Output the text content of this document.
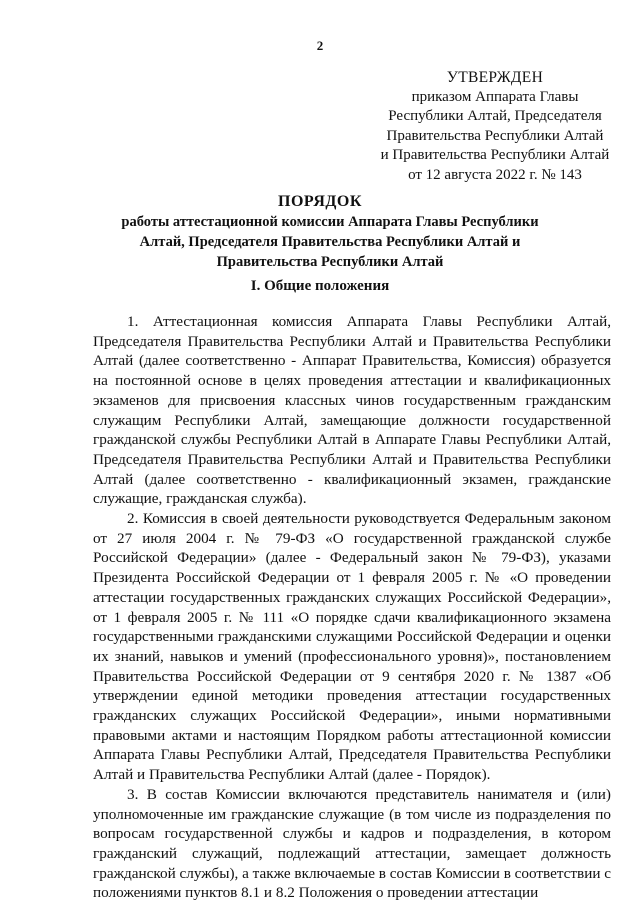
2
УТВЕРЖДЕН
приказом Аппарата Главы
Республики Алтай, Председателя
Правительства Республики Алтай
и Правительства Республики Алтай
от 12 августа 2022 г. № 143
ПОРЯДОК
работы аттестационной комиссии Аппарата Главы Республики Алтай, Председателя Правительства Республики Алтай и Правительства Республики Алтай
I. Общие положения

1. Аттестационная комиссия Аппарата Главы Республики Алтай, Председателя Правительства Республики Алтай и Правительства Республики Алтай (далее соответственно - Аппарат Правительства, Комиссия) образуется на постоянной основе в целях проведения аттестации и квалификационных экзаменов для присвоения классных чинов государственным гражданским служащим Республики Алтай, замещающие должности государственной гражданской службы Республики Алтай в Аппарате Главы Республики Алтай, Председателя Правительства Республики Алтай и Правительства Республики Алтай (далее соответственно - квалификационный экзамен, гражданские служащие, гражданская служба).

2. Комиссия в своей деятельности руководствуется Федеральным законом от 27 июля 2004 г. № 79-ФЗ «О государственной гражданской службе Российской Федерации» (далее - Федеральный закон № 79-ФЗ), указами Президента Российской Федерации от 1 февраля 2005 г. № «О проведении аттестации государственных гражданских служащих Российской Федерации», от 1 февраля 2005 г. № 111 «О порядке сдачи квалификационного экзамена государственными гражданскими служащими Российской Федерации и оценки их знаний, навыков и умений (профессионального уровня)», постановлением Правительства Российской Федерации от 9 сентября 2020 г. № 1387 «Об утверждении единой методики проведения аттестации государственных гражданских служащих Российской Федерации», иными нормативными правовыми актами и настоящим Порядком работы аттестационной комиссии Аппарата Главы Республики Алтай, Председателя Правительства Республики Алтай и Правительства Республики Алтай (далее - Порядок).

3. В состав Комиссии включаются представитель нанимателя и (или) уполномоченные им гражданские служащие (в том числе из подразделения по вопросам государственной службы и кадров и подразделения, в котором гражданский служащий, подлежащий аттестации, замещает должность гражданской службы), а также включаемые в состав Комиссии в соответствии с положениями пунктов 8.1 и 8.2 Положения о проведении аттестации
